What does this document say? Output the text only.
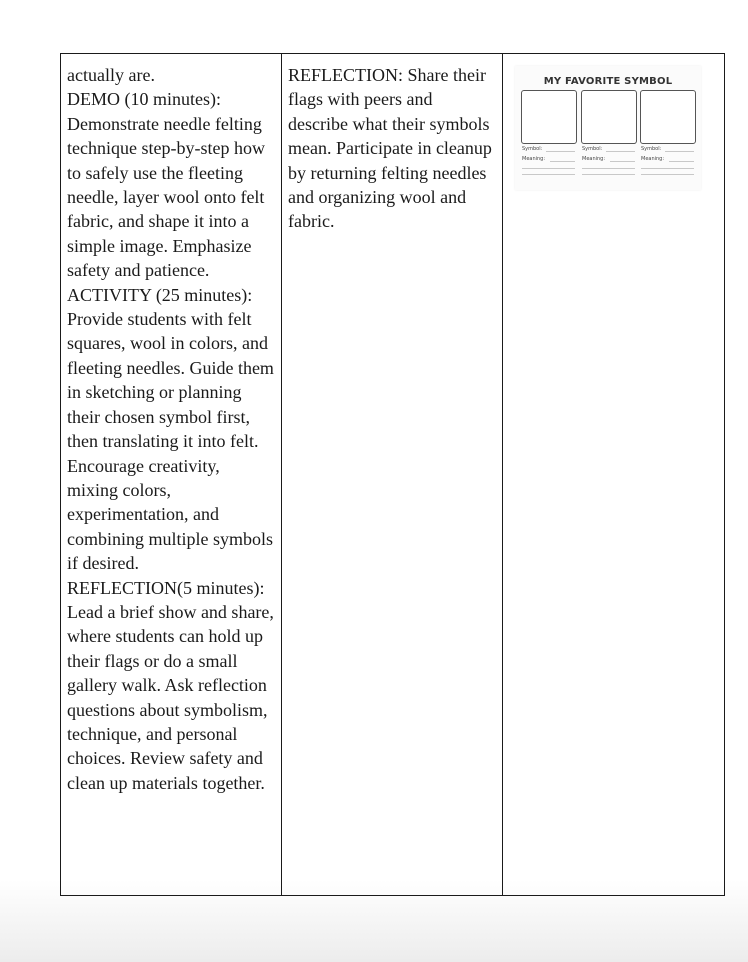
actually are.
DEMO (10 minutes): Demonstrate needle felting technique step-by-step how to safely use the fleeting needle, layer wool onto felt fabric, and shape it into a simple image. Emphasize safety and patience.
ACTIVITY (25 minutes): Provide students with felt squares, wool in colors, and fleeting needles. Guide them in sketching or planning their chosen symbol first, then translating it into felt. Encourage creativity, mixing colors, experimentation, and combining multiple symbols if desired.
REFLECTION(5 minutes): Lead a brief show and share, where students can hold up their flags or do a small gallery walk. Ask reflection questions about symbolism, technique, and personal choices. Review safety and clean up materials together.

REFLECTION: Share their flags with peers and describe what their symbols mean. Participate in cleanup by returning felting needles and organizing wool and fabric.

MY FAVORITE SYMBOL
Symbol:
Meaning:
Symbol:
Meaning:
Symbol:
Meaning:
